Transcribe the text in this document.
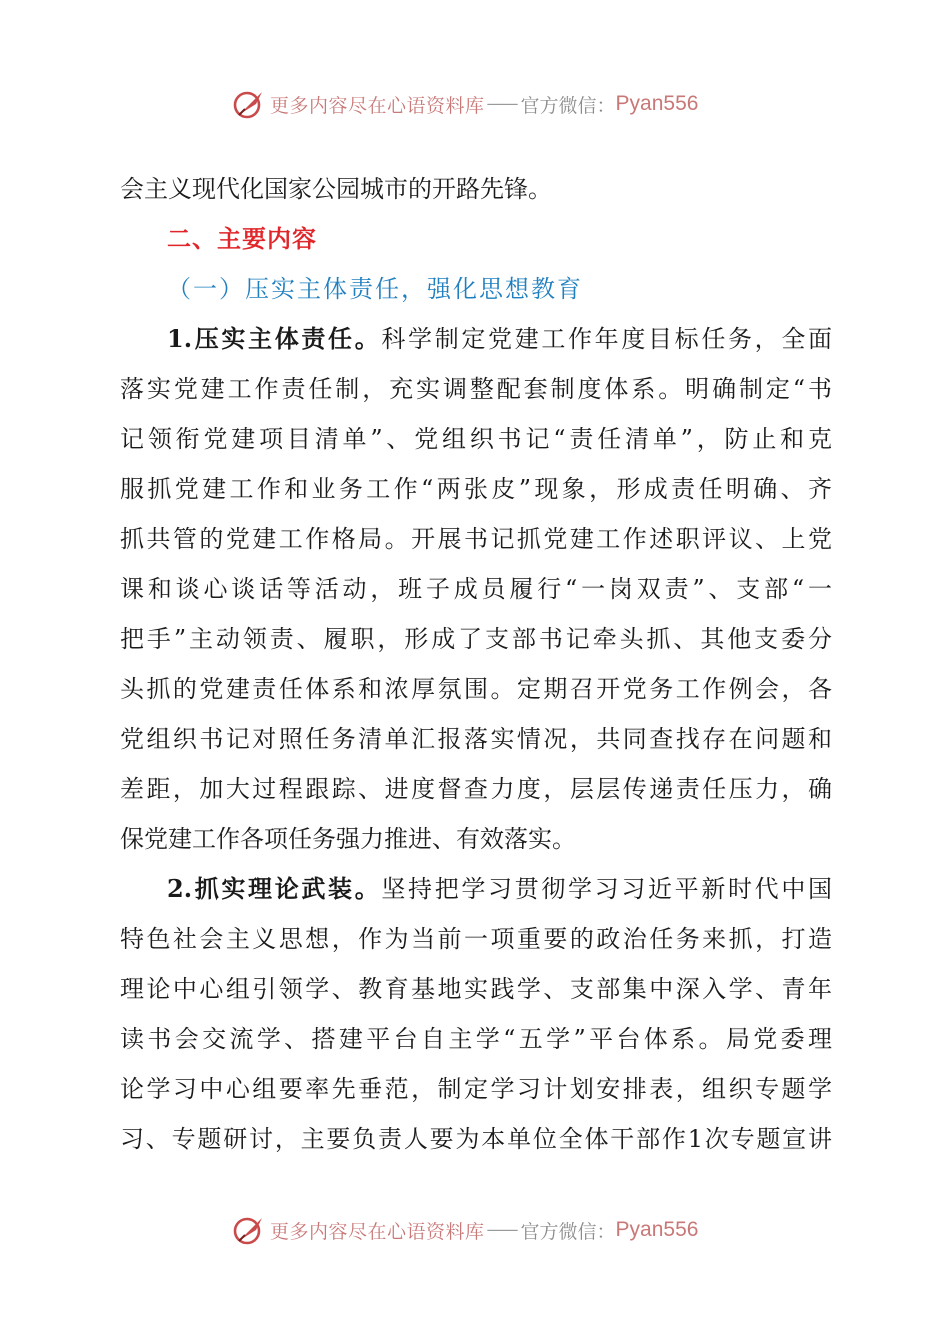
更多内容尽在心语资料库 —— 官方微信： Pyan556
会主义现代化国家公园城市的开路先锋。
二、主要内容
（一）压实主体责任，强化思想教育
1.压实主体责任。科学制定党建工作年度目标任务，全面
落实党建工作责任制，充实调整配套制度体系。明确制定“书
记领衔党建项目清单”、党组织书记“责任清单”，防止和克
服抓党建工作和业务工作“两张皮”现象，形成责任明确、齐
抓共管的党建工作格局。开展书记抓党建工作述职评议、上党
课和谈心谈话等活动，班子成员履行“一岗双责”、支部“一
把手”主动领责、履职，形成了支部书记牵头抓、其他支委分
头抓的党建责任体系和浓厚氛围。定期召开党务工作例会，各
党组织书记对照任务清单汇报落实情况，共同查找存在问题和
差距，加大过程跟踪、进度督查力度，层层传递责任压力，确
保党建工作各项任务强力推进、有效落实。
2.抓实理论武装。坚持把学习贯彻学习习近平新时代中国
特色社会主义思想，作为当前一项重要的政治任务来抓，打造
理论中心组引领学、教育基地实践学、支部集中深入学、青年
读书会交流学、搭建平台自主学“五学”平台体系。局党委理
论学习中心组要率先垂范，制定学习计划安排表，组织专题学
习、专题研讨，主要负责人要为本单位全体干部作1次专题宣讲
更多内容尽在心语资料库 —— 官方微信： Pyan556
